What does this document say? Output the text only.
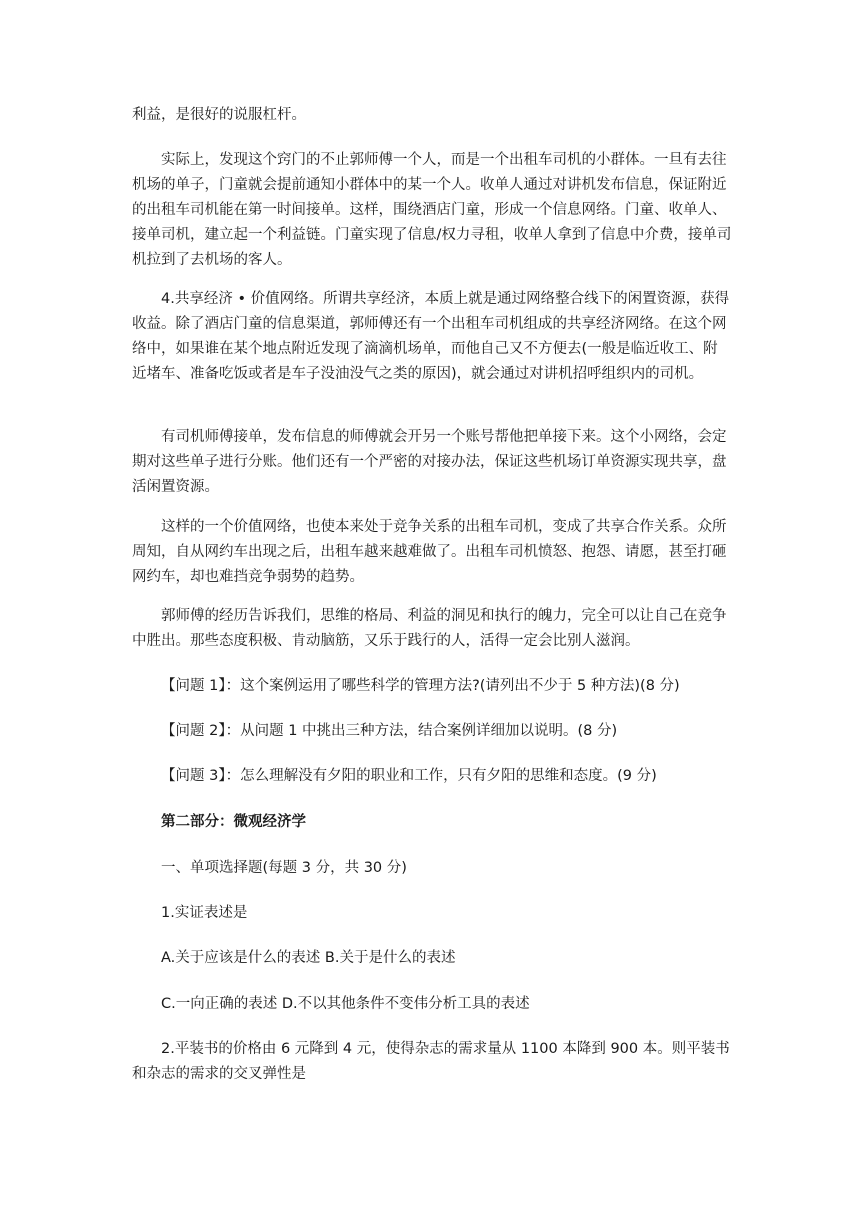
利益，是很好的说服杠杆。

实际上，发现这个窍门的不止郭师傅一个人，而是一个出租车司机的小群体。一旦有去往机场的单子，门童就会提前通知小群体中的某一个人。收单人通过对讲机发布信息，保证附近的出租车司机能在第一时间接单。这样，围绕酒店门童，形成一个信息网络。门童、收单人、接单司机，建立起一个利益链。门童实现了信息/权力寻租，收单人拿到了信息中介费，接单司机拉到了去机场的客人。

4.共享经济 • 价值网络。所谓共享经济，本质上就是通过网络整合线下的闲置资源，获得收益。除了酒店门童的信息渠道，郭师傅还有一个出租车司机组成的共享经济网络。在这个网络中，如果谁在某个地点附近发现了滴滴机场单，而他自己又不方便去(一般是临近收工、附近堵车、准备吃饭或者是车子没油没气之类的原因)，就会通过对讲机招呼组织内的司机。

有司机师傅接单，发布信息的师傅就会开另一个账号帮他把单接下来。这个小网络，会定期对这些单子进行分账。他们还有一个严密的对接办法，保证这些机场订单资源实现共享，盘活闲置资源。

这样的一个价值网络，也使本来处于竞争关系的出租车司机，变成了共享合作关系。众所周知，自从网约车出现之后，出租车越来越难做了。出租车司机愤怒、抱怨、请愿，甚至打砸网约车，却也难挡竞争弱势的趋势。

郭师傅的经历告诉我们，思维的格局、利益的洞见和执行的魄力，完全可以让自己在竞争中胜出。那些态度积极、肯动脑筋，又乐于践行的人，活得一定会比别人滋润。

【问题 1】：这个案例运用了哪些科学的管理方法?(请列出不少于 5 种方法)(8 分)

【问题 2】：从问题 1 中挑出三种方法，结合案例详细加以说明。(8 分)

【问题 3】：怎么理解没有夕阳的职业和工作，只有夕阳的思维和态度。(9 分)

第二部分：微观经济学

一、单项选择题(每题 3 分，共 30 分)

1.实证表述是

A.关于应该是什么的表述 B.关于是什么的表述

C.一向正确的表述 D.不以其他条件不变伟分析工具的表述

2.平装书的价格由 6 元降到 4 元，使得杂志的需求量从 1100 本降到 900 本。则平装书和杂志的需求的交叉弹性是
